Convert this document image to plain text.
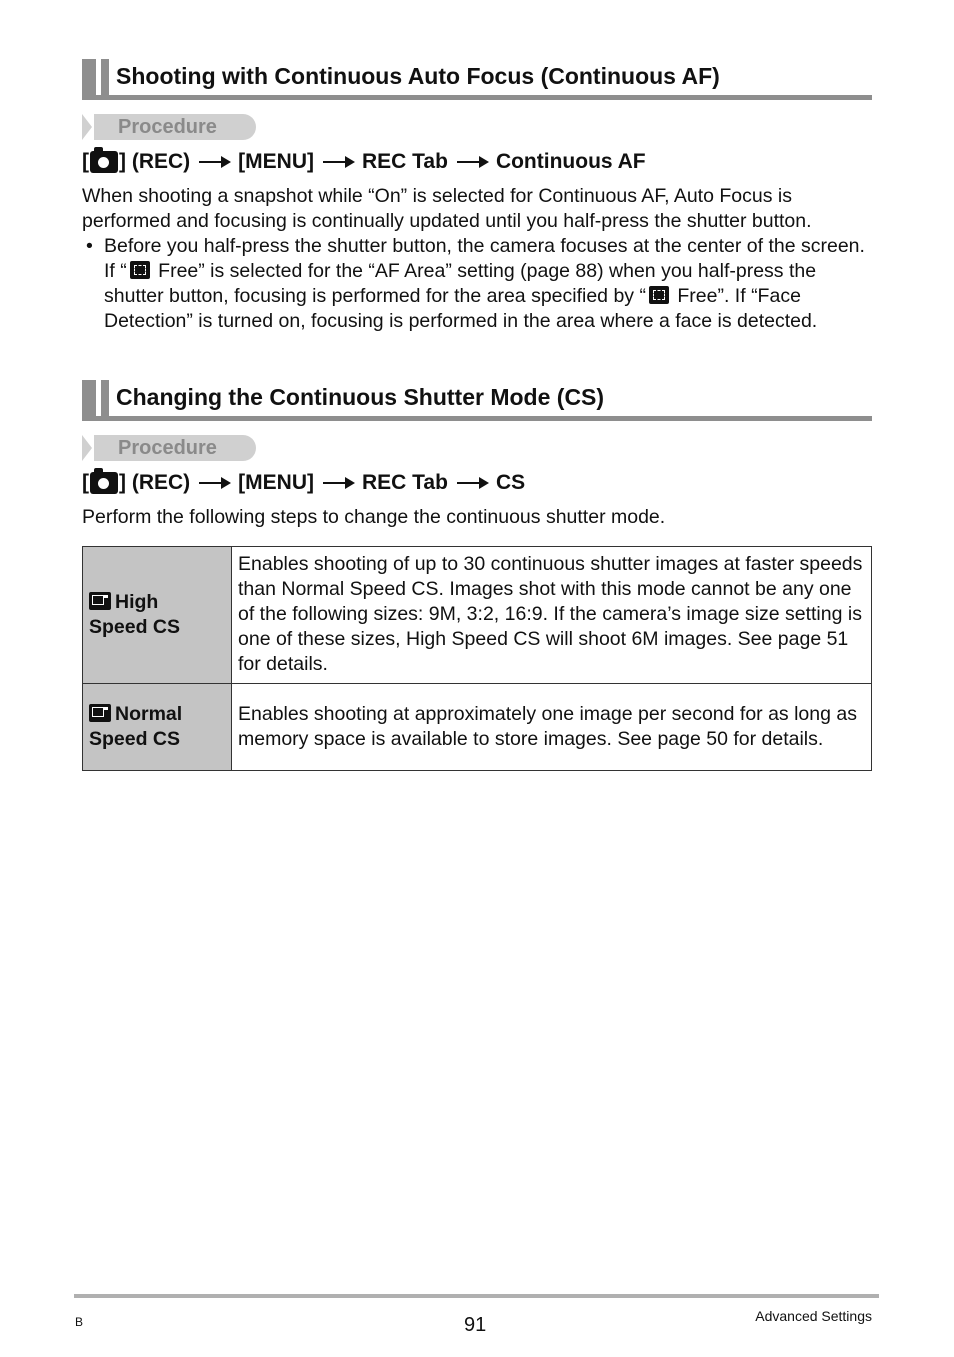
Shooting with Continuous Auto Focus (Continuous AF)
Procedure
[ ] (REC) [MENU] REC Tab Continuous AF
When shooting a snapshot while “On” is selected for Continuous AF, Auto Focus is performed and focusing is continually updated until you half-press the shutter button.
• Before you half-press the shutter button, the camera focuses at the center of the screen. If “ Free” is selected for the “AF Area” setting (page 88) when you half-press the shutter button, focusing is performed for the area specified by “ Free”. If “Face Detection” is turned on, focusing is performed in the area where a face is detected.
Changing the Continuous Shutter Mode (CS)
Procedure
[ ] (REC) [MENU] REC Tab CS
Perform the following steps to change the continuous shutter mode.
High
Speed CS	Enables shooting of up to 30 continuous shutter images at faster speeds than Normal Speed CS. Images shot with this mode cannot be any one of the following sizes: 9M, 3:2, 16:9. If the camera’s image size setting is one of these sizes, High Speed CS will shoot 6M images. See page 51 for details.
Normal
Speed CS	Enables shooting at approximately one image per second for as long as memory space is available to store images. See page 50 for details.
B	91	Advanced Settings
